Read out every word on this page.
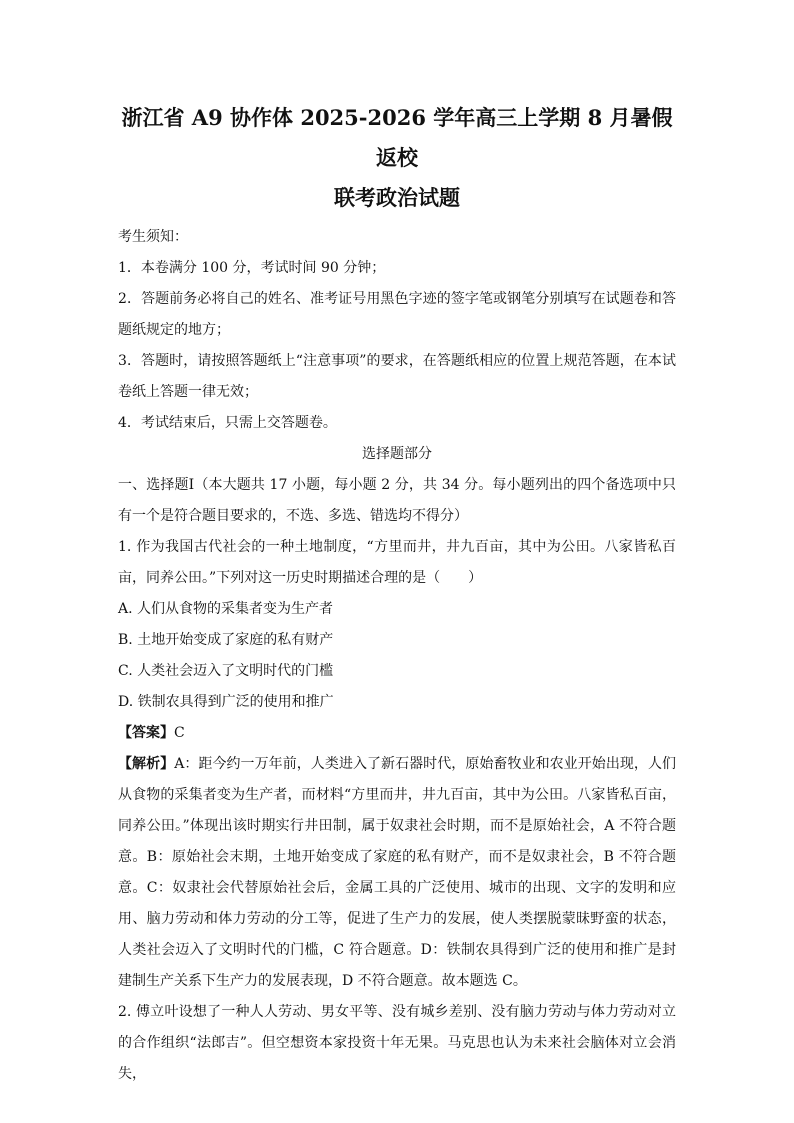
浙江省 A9 协作体 2025-2026 学年高三上学期 8 月暑假返校
联考政治试题

考生须知：

1．本卷满分 100 分，考试时间 90 分钟；

2．答题前务必将自己的姓名、准考证号用黑色字迹的签字笔或钢笔分别填写在试题卷和答题纸规定的地方；

3．答题时，请按照答题纸上“注意事项”的要求，在答题纸相应的位置上规范答题，在本试卷纸上答题一律无效；

4．考试结束后，只需上交答题卷。

选择题部分

一、选择题Ⅰ（本大题共 17 小题，每小题 2 分，共 34 分。每小题列出的四个备选项中只有一个是符合题目要求的，不选、多选、错选均不得分）

1. 作为我国古代社会的一种土地制度，“方里而井，井九百亩，其中为公田。八家皆私百亩，同养公田。”下列对这一历史时期描述合理的是（　　）

A. 人们从食物的采集者变为生产者

B. 土地开始变成了家庭的私有财产

C. 人类社会迈入了文明时代的门槛

D. 铁制农具得到广泛的使用和推广

【答案】C

【解析】A：距今约一万年前，人类进入了新石器时代，原始畜牧业和农业开始出现，人们从食物的采集者变为生产者，而材料“方里而井，井九百亩，其中为公田。八家皆私百亩，同养公田。”体现出该时期实行井田制，属于奴隶社会时期，而不是原始社会，A 不符合题意。B：原始社会末期，土地开始变成了家庭的私有财产，而不是奴隶社会，B 不符合题意。C：奴隶社会代替原始社会后，金属工具的广泛使用、城市的出现、文字的发明和应用、脑力劳动和体力劳动的分工等，促进了生产力的发展，使人类摆脱蒙昧野蛮的状态，人类社会迈入了文明时代的门槛，C 符合题意。D：铁制农具得到广泛的使用和推广是封建制生产关系下生产力的发展表现，D 不符合题意。故本题选 C。

2. 傅立叶设想了一种人人劳动、男女平等、没有城乡差别、没有脑力劳动与体力劳动对立的合作组织“法郎吉”。但空想资本家投资十年无果。马克思也认为未来社会脑体对立会消失，
